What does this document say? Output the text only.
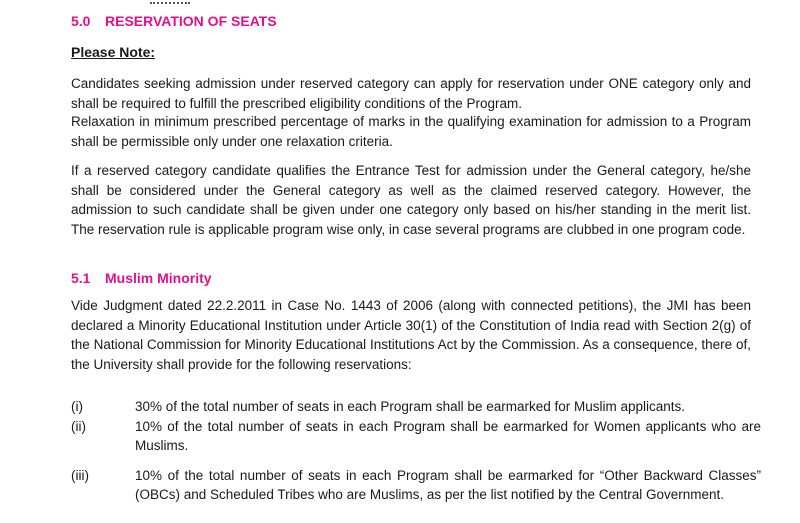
5.0 RESERVATION OF SEATS

Please Note:

Candidates seeking admission under reserved category can apply for reservation under ONE category only and shall be required to fulfill the prescribed eligibility conditions of the Program.

Relaxation in minimum prescribed percentage of marks in the qualifying examination for admission to a Program shall be permissible only under one relaxation criteria.

If a reserved category candidate qualifies the Entrance Test for admission under the General category, he/she shall be considered under the General category as well as the claimed reserved category. However, the admission to such candidate shall be given under one category only based on his/her standing in the merit list. The reservation rule is applicable program wise only, in case several programs are clubbed in one program code.

5.1 Muslim Minority

Vide Judgment dated 22.2.2011 in Case No. 1443 of 2006 (along with connected petitions), the JMI has been declared a Minority Educational Institution under Article 30(1) of the Constitution of India read with Section 2(g) of the National Commission for Minority Educational Institutions Act by the Commission. As a consequence, there of, the University shall provide for the following reservations:

(i)	30% of the total number of seats in each Program shall be earmarked for Muslim applicants.
(ii)	10% of the total number of seats in each Program shall be earmarked for Women applicants who are Muslims.
(iii)	10% of the total number of seats in each Program shall be earmarked for “Other Backward Classes” (OBCs) and Scheduled Tribes who are Muslims, as per the list notified by the Central Government.
